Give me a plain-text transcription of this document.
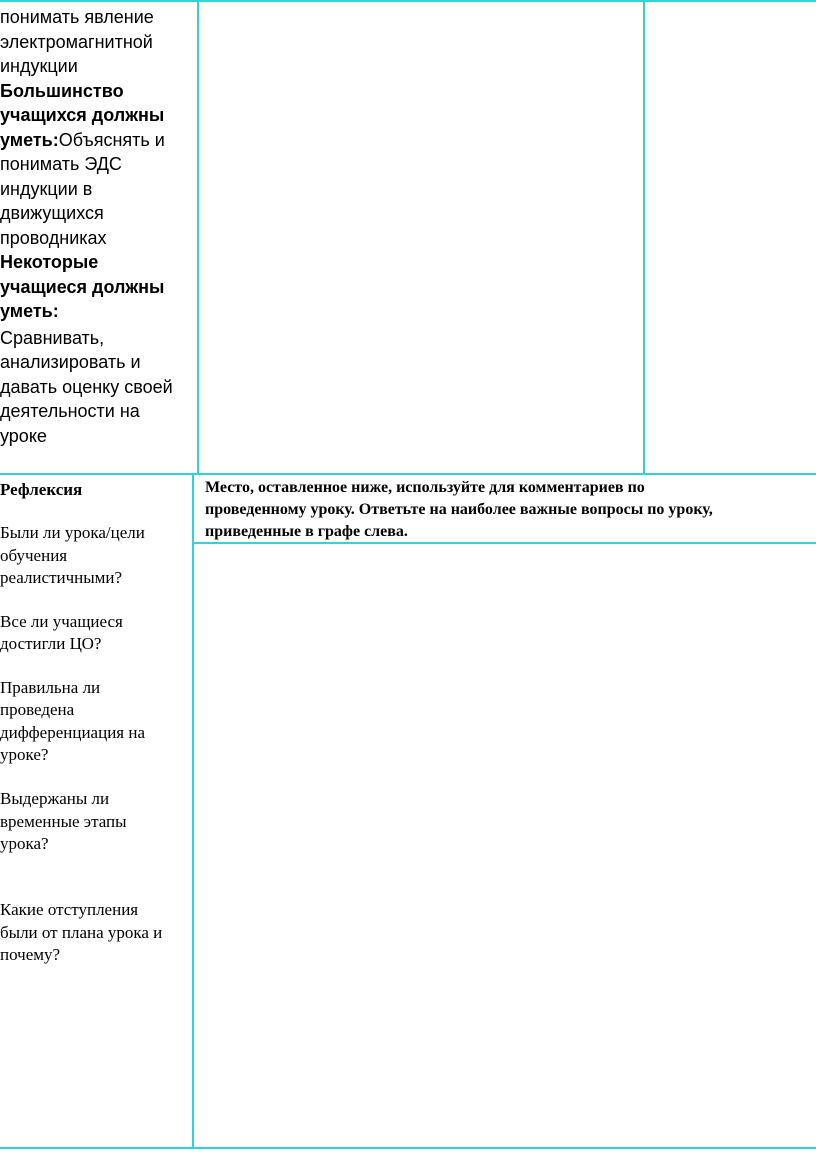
понимать явление
электромагнитной
индукции
Большинство
учащихся должны
уметь:Объяснять и
понимать ЭДС
индукции в
движущихся
проводниках
Некоторые
учащиеся должны
уметь:
Сравнивать,
анализировать и
давать оценку своей
деятельности на
уроке
Рефлексия
Были ли урока/цели
обучения
реалистичными?
Все ли учащиеся
достигли ЦО?
Правильна ли
проведена
дифференциация на
уроке?
Выдержаны ли
временные этапы
урока?
Какие отступления
были от плана урока и
почему?
Место, оставленное ниже, используйте для комментариев по
проведенному уроку. Ответьте на наиболее важные вопросы по уроку,
приведенные в графе слева.
